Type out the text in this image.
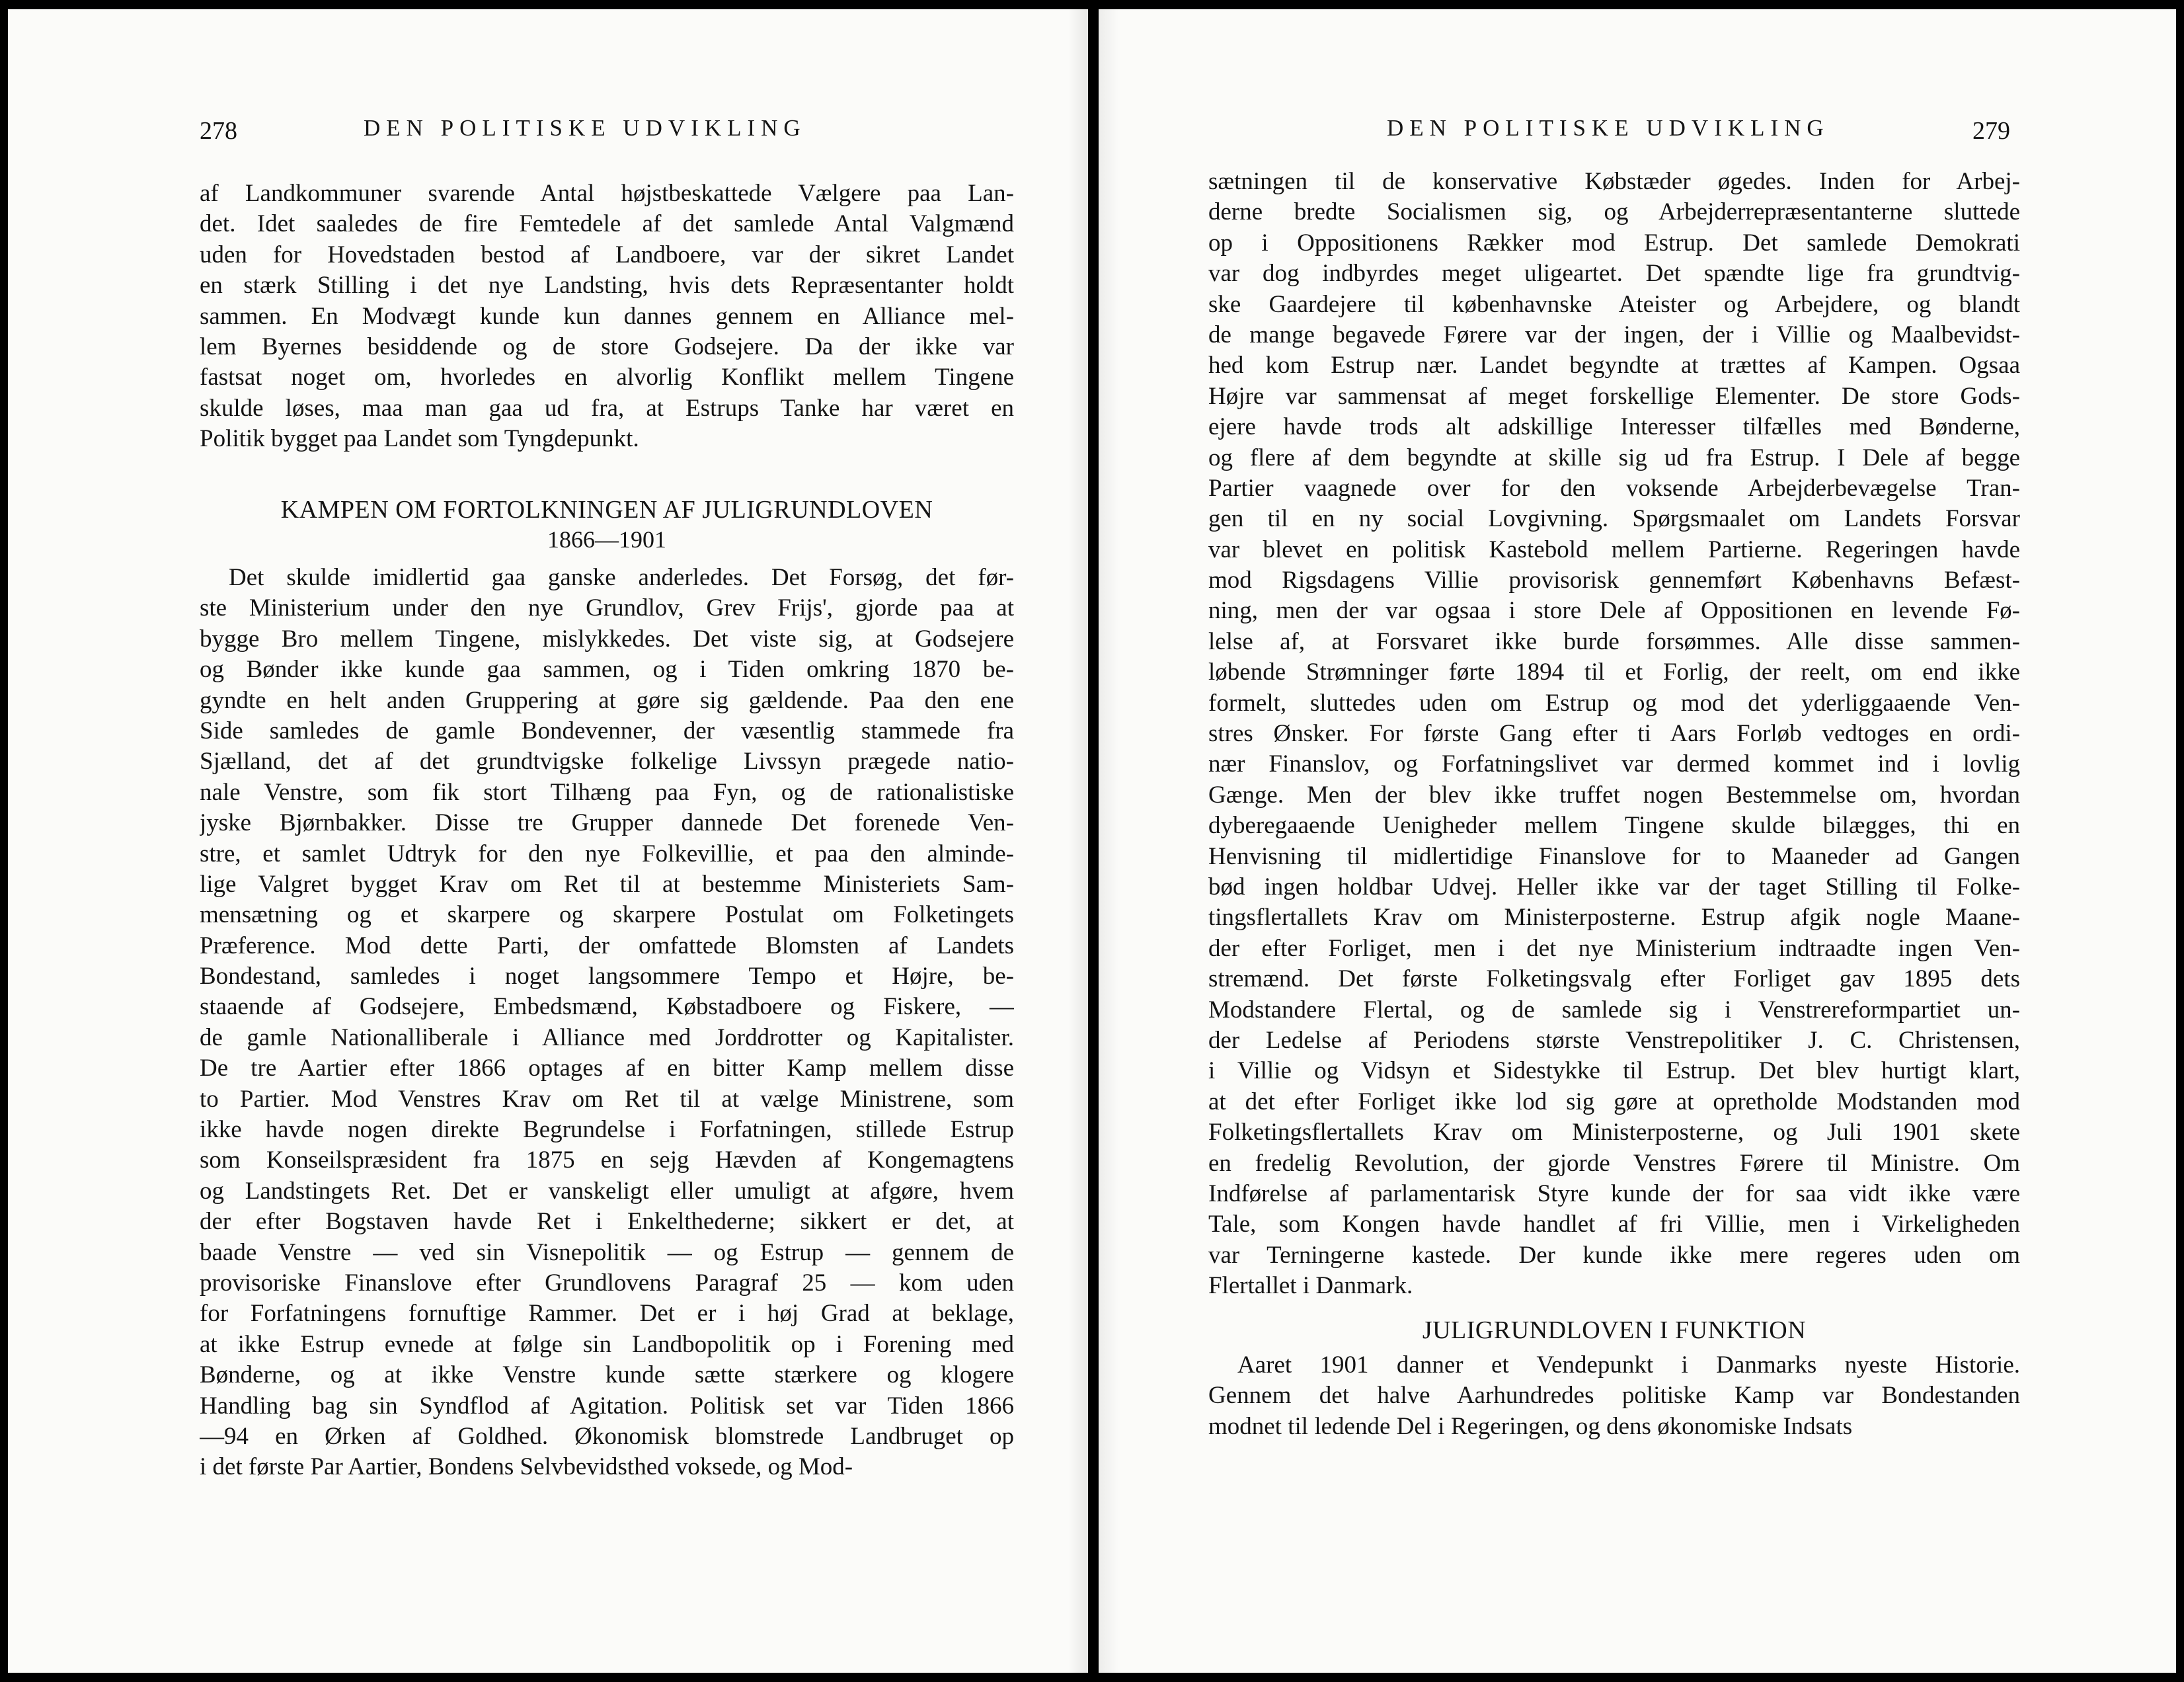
278	DEN POLITISKE UDVIKLING
af Landkommuner svarende Antal højstbeskattede Vælgere paa Lan-
det. Idet saaledes de fire Femtedele af det samlede Antal Valgmænd
uden for Hovedstaden bestod af Landboere, var der sikret Landet
en stærk Stilling i det nye Landsting, hvis dets Repræsentanter holdt
sammen. En Modvægt kunde kun dannes gennem en Alliance mel-
lem Byernes besiddende og de store Godsejere. Da der ikke var
fastsat noget om, hvorledes en alvorlig Konflikt mellem Tingene
skulde løses, maa man gaa ud fra, at Estrups Tanke har været en
Politik bygget paa Landet som Tyngdepunkt.
KAMPEN OM FORTOLKNINGEN AF JULIGRUNDLOVEN
1866—1901
Det skulde imidlertid gaa ganske anderledes. Det Forsøg, det før-
ste Ministerium under den nye Grundlov, Grev Frijs', gjorde paa at
bygge Bro mellem Tingene, mislykkedes. Det viste sig, at Godsejere
og Bønder ikke kunde gaa sammen, og i Tiden omkring 1870 be-
gyndte en helt anden Gruppering at gøre sig gældende. Paa den ene
Side samledes de gamle Bondevenner, der væsentlig stammede fra
Sjælland, det af det grundtvigske folkelige Livssyn prægede natio-
nale Venstre, som fik stort Tilhæng paa Fyn, og de rationalistiske
jyske Bjørnbakker. Disse tre Grupper dannede Det forenede Ven-
stre, et samlet Udtryk for den nye Folkevillie, et paa den alminde-
lige Valgret bygget Krav om Ret til at bestemme Ministeriets Sam-
mensætning og et skarpere og skarpere Postulat om Folketingets
Præference. Mod dette Parti, der omfattede Blomsten af Landets
Bondestand, samledes i noget langsommere Tempo et Højre, be-
staaende af Godsejere, Embedsmænd, Købstadboere og Fiskere, —
de gamle Nationalliberale i Alliance med Jorddrotter og Kapitalister.
De tre Aartier efter 1866 optages af en bitter Kamp mellem disse
to Partier. Mod Venstres Krav om Ret til at vælge Ministrene, som
ikke havde nogen direkte Begrundelse i Forfatningen, stillede Estrup
som Konseilspræsident fra 1875 en sejg Hævden af Kongemagtens
og Landstingets Ret. Det er vanskeligt eller umuligt at afgøre, hvem
der efter Bogstaven havde Ret i Enkelthederne; sikkert er det, at
baade Venstre — ved sin Visnepolitik — og Estrup — gennem de
provisoriske Finanslove efter Grundlovens Paragraf 25 — kom uden
for Forfatningens fornuftige Rammer. Det er i høj Grad at beklage,
at ikke Estrup evnede at følge sin Landbopolitik op i Forening med
Bønderne, og at ikke Venstre kunde sætte stærkere og klogere
Handling bag sin Syndflod af Agitation. Politisk set var Tiden 1866
—94 en Ørken af Goldhed. Økonomisk blomstrede Landbruget op
i det første Par Aartier, Bondens Selvbevidsthed voksede, og Mod-
DEN POLITISKE UDVIKLING	279
sætningen til de konservative Købstæder øgedes. Inden for Arbej-
derne bredte Socialismen sig, og Arbejderrepræsentanterne sluttede
op i Oppositionens Rækker mod Estrup. Det samlede Demokrati
var dog indbyrdes meget uligeartet. Det spændte lige fra grundtvig-
ske Gaardejere til københavnske Ateister og Arbejdere, og blandt
de mange begavede Førere var der ingen, der i Villie og Maalbevidst-
hed kom Estrup nær. Landet begyndte at trættes af Kampen. Ogsaa
Højre var sammensat af meget forskellige Elementer. De store Gods-
ejere havde trods alt adskillige Interesser tilfælles med Bønderne,
og flere af dem begyndte at skille sig ud fra Estrup. I Dele af begge
Partier vaagnede over for den voksende Arbejderbevægelse Tran-
gen til en ny social Lovgivning. Spørgsmaalet om Landets Forsvar
var blevet en politisk Kastebold mellem Partierne. Regeringen havde
mod Rigsdagens Villie provisorisk gennemført Københavns Befæst-
ning, men der var ogsaa i store Dele af Oppositionen en levende Fø-
lelse af, at Forsvaret ikke burde forsømmes. Alle disse sammen-
løbende Strømninger førte 1894 til et Forlig, der reelt, om end ikke
formelt, sluttedes uden om Estrup og mod det yderliggaaende Ven-
stres Ønsker. For første Gang efter ti Aars Forløb vedtoges en ordi-
nær Finanslov, og Forfatningslivet var dermed kommet ind i lovlig
Gænge. Men der blev ikke truffet nogen Bestemmelse om, hvordan
dyberegaaende Uenigheder mellem Tingene skulde bilægges, thi en
Henvisning til midlertidige Finanslove for to Maaneder ad Gangen
bød ingen holdbar Udvej. Heller ikke var der taget Stilling til Folke-
tingsflertallets Krav om Ministerposterne. Estrup afgik nogle Maane-
der efter Forliget, men i det nye Ministerium indtraadte ingen Ven-
stremænd. Det første Folketingsvalg efter Forliget gav 1895 dets
Modstandere Flertal, og de samlede sig i Venstrereformpartiet un-
der Ledelse af Periodens største Venstrepolitiker J. C. Christensen,
i Villie og Vidsyn et Sidestykke til Estrup. Det blev hurtigt klart,
at det efter Forliget ikke lod sig gøre at opretholde Modstanden mod
Folketingsflertallets Krav om Ministerposterne, og Juli 1901 skete
en fredelig Revolution, der gjorde Venstres Førere til Ministre. Om
Indførelse af parlamentarisk Styre kunde der for saa vidt ikke være
Tale, som Kongen havde handlet af fri Villie, men i Virkeligheden
var Terningerne kastede. Der kunde ikke mere regeres uden om
Flertallet i Danmark.
JULIGRUNDLOVEN I FUNKTION
Aaret 1901 danner et Vendepunkt i Danmarks nyeste Historie.
Gennem det halve Aarhundredes politiske Kamp var Bondestanden
modnet til ledende Del i Regeringen, og dens økonomiske Indsats
